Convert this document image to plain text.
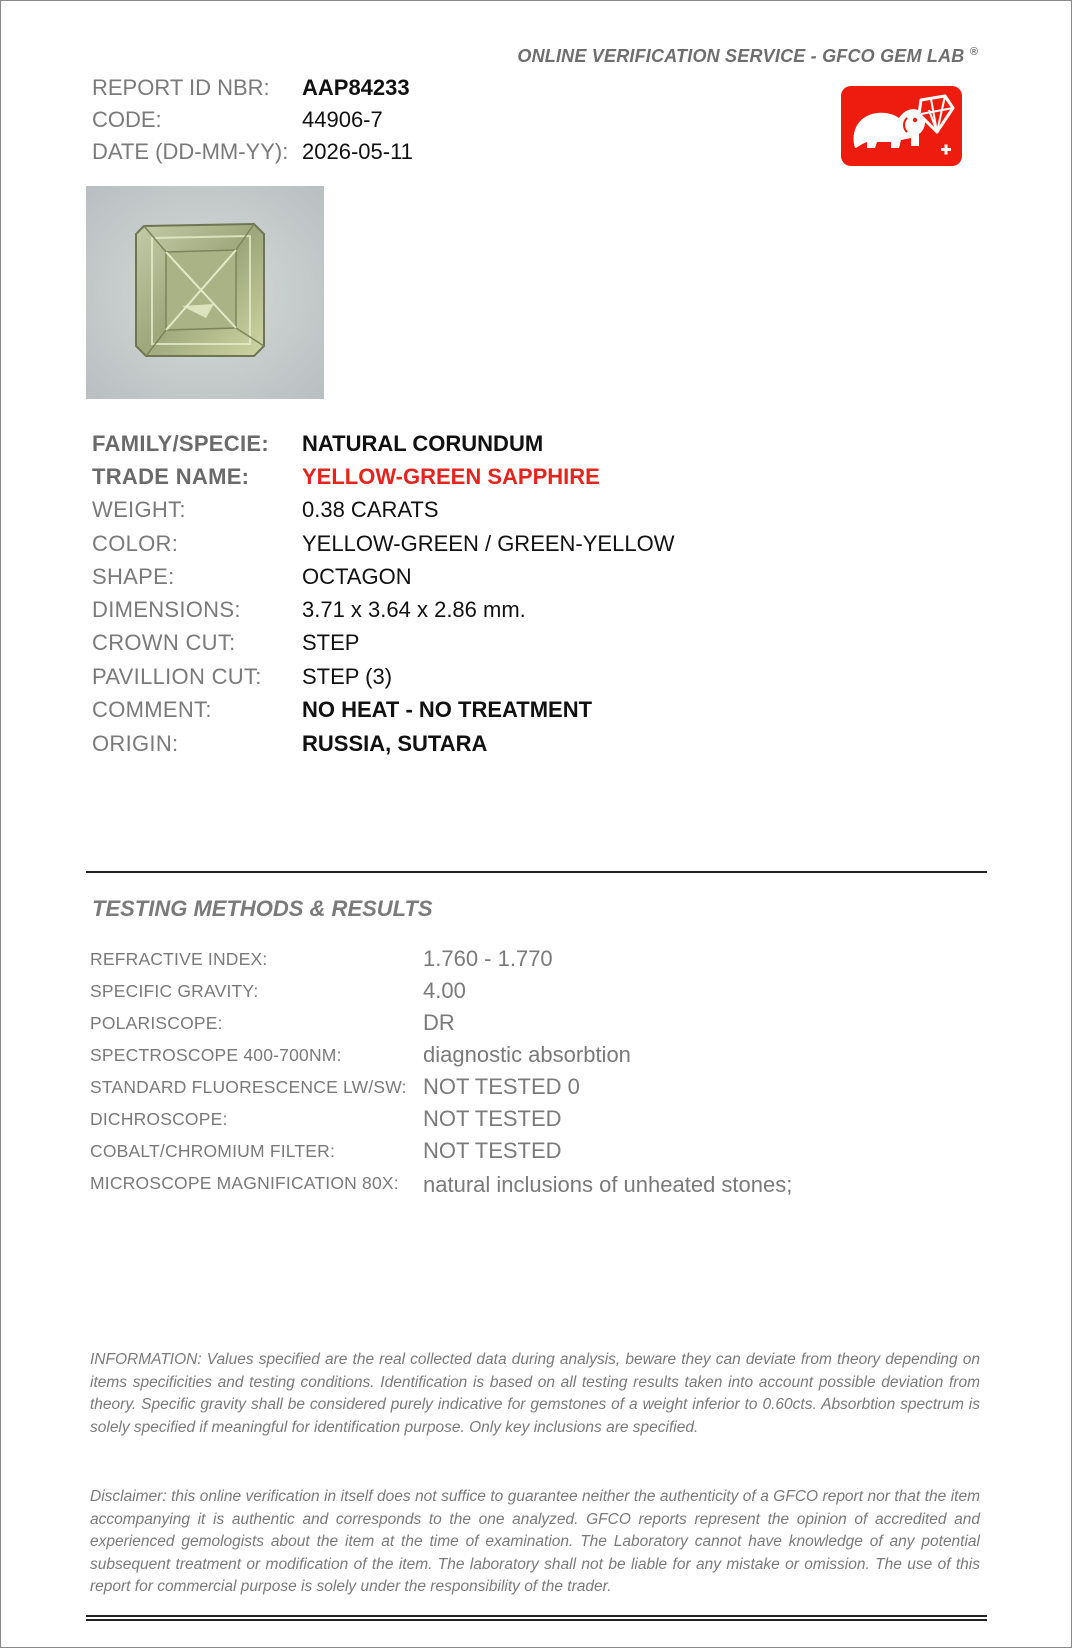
ONLINE VERIFICATION SERVICE - GFCO GEM LAB ®
REPORT ID NBR: AAP84233
CODE:	44906-7
DATE (DD-MM-YY): 2026-05-11
FAMILY/SPECIE: NATURAL CORUNDUM
TRADE NAME: YELLOW-GREEN SAPPHIRE
WEIGHT:	0.38 CARATS
COLOR:	YELLOW-GREEN / GREEN-YELLOW
SHAPE:	OCTAGON
DIMENSIONS:	3.71 x 3.64 x 2.86 mm.
CROWN CUT:	STEP
PAVILLION CUT: STEP (3)
COMMENT:	NO HEAT - NO TREATMENT
ORIGIN:	RUSSIA, SUTARA
TESTING METHODS & RESULTS
REFRACTIVE INDEX:	1.760 - 1.770
SPECIFIC GRAVITY:	4.00
POLARISCOPE:	DR
SPECTROSCOPE 400-700NM:	diagnostic absorbtion
STANDARD FLUORESCENCE LW/SW: NOT TESTED 0
DICHROSCOPE:	NOT TESTED
COBALT/CHROMIUM FILTER:	NOT TESTED
MICROSCOPE MAGNIFICATION 80X: natural inclusions of unheated stones;
INFORMATION: Values specified are the real collected data during analysis, beware they can deviate from theory depending on items specificities and testing conditions. Identification is based on all testing results taken into account possible deviation from theory. Specific gravity shall be considered purely indicative for gemstones of a weight inferior to 0.60cts. Absorbtion spectrum is solely specified if meaningful for identification purpose. Only key inclusions are specified.
Disclaimer: this online verification in itself does not suffice to guarantee neither the authenticity of a GFCO report nor that the item accompanying it is authentic and corresponds to the one analyzed. GFCO reports represent the opinion of accredited and experienced gemologists about the item at the time of examination. The Laboratory cannot have knowledge of any potential subsequent treatment or modification of the item. The laboratory shall not be liable for any mistake or omission. The use of this report for commercial purpose is solely under the responsibility of the trader.
